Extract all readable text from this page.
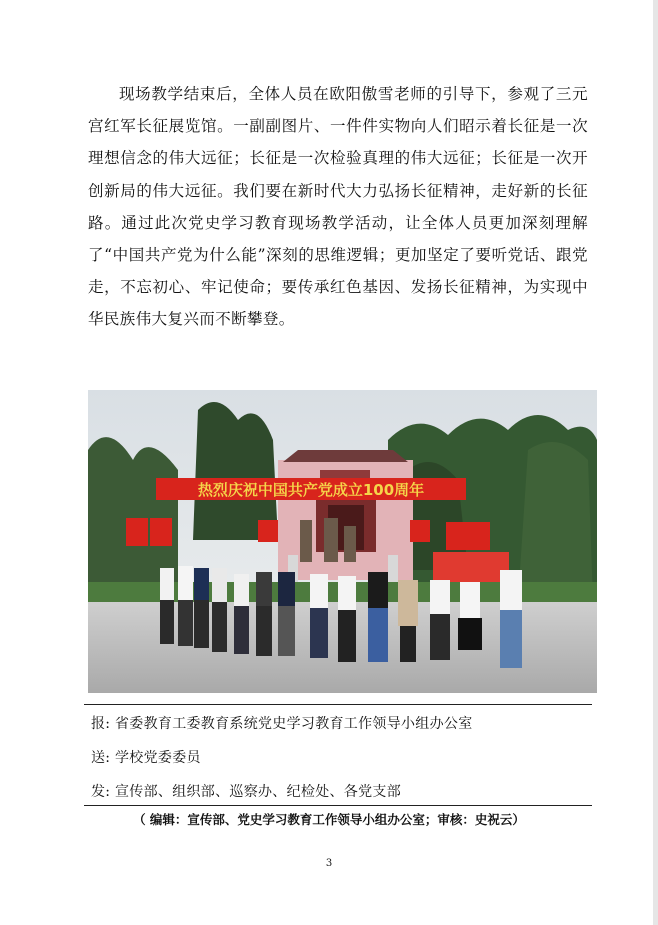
现场教学结束后，全体人员在欧阳傲雪老师的引导下，参观了三元宫红军长征展览馆。一副副图片、一件件实物向人们昭示着长征是一次理想信念的伟大远征；长征是一次检验真理的伟大远征；长征是一次开创新局的伟大远征。我们要在新时代大力弘扬长征精神，走好新的长征路。通过此次党史学习教育现场教学活动，让全体人员更加深刻理解了“中国共产党为什么能”深刻的思维逻辑；更加坚定了要听党话、跟党走，不忘初心、牢记使命；要传承红色基因、发扬长征精神，为实现中华民族伟大复兴而不断攀登。

热烈庆祝中国共产党成立100周年
报: 省委教育工委教育系统党史学习教育工作领导小组办公室
送: 学校党委委员
发: 宣传部、组织部、巡察办、纪检处、各党支部
（ 编辑：宣传部、党史学习教育工作领导小组办公室；审核：史祝云）
3
